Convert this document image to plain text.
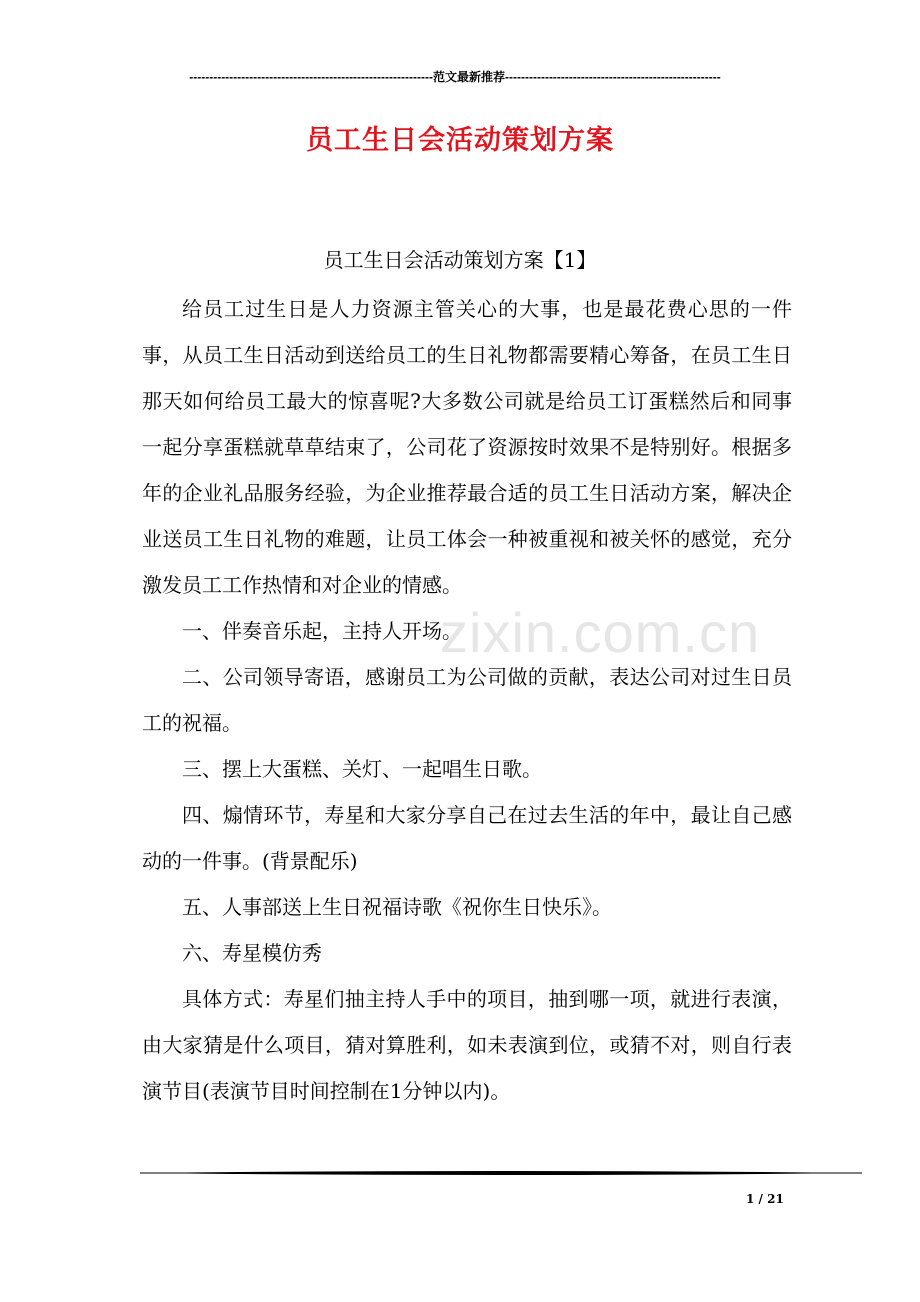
-------------------------------------------------------------范文最新推荐------------------------------------------------------
员工生日会活动策划方案
员工生日会活动策划方案【1】
zixin.com.cn

给员工过生日是人力资源主管关心的大事，也是最花费心思的一件事，从员工生日活动到送给员工的生日礼物都需要精心筹备，在员工生日那天如何给员工最大的惊喜呢?大多数公司就是给员工订蛋糕然后和同事一起分享蛋糕就草草结束了，公司花了资源按时效果不是特别好。根据多年的企业礼品服务经验，为企业推荐最合适的员工生日活动方案，解决企业送员工生日礼物的难题，让员工体会一种被重视和被关怀的感觉，充分激发员工工作热情和对企业的情感。

一、伴奏音乐起，主持人开场。

二、公司领导寄语，感谢员工为公司做的贡献，表达公司对过生日员工的祝福。

三、摆上大蛋糕、关灯、一起唱生日歌。

四、煽情环节，寿星和大家分享自己在过去生活的年中，最让自己感动的一件事。(背景配乐)

五、人事部送上生日祝福诗歌《祝你生日快乐》。

六、寿星模仿秀

具体方式：寿星们抽主持人手中的项目，抽到哪一项，就进行表演，由大家猜是什么项目，猜对算胜利，如未表演到位，或猜不对，则自行表演节目(表演节目时间控制在1分钟以内)。

1 / 21
